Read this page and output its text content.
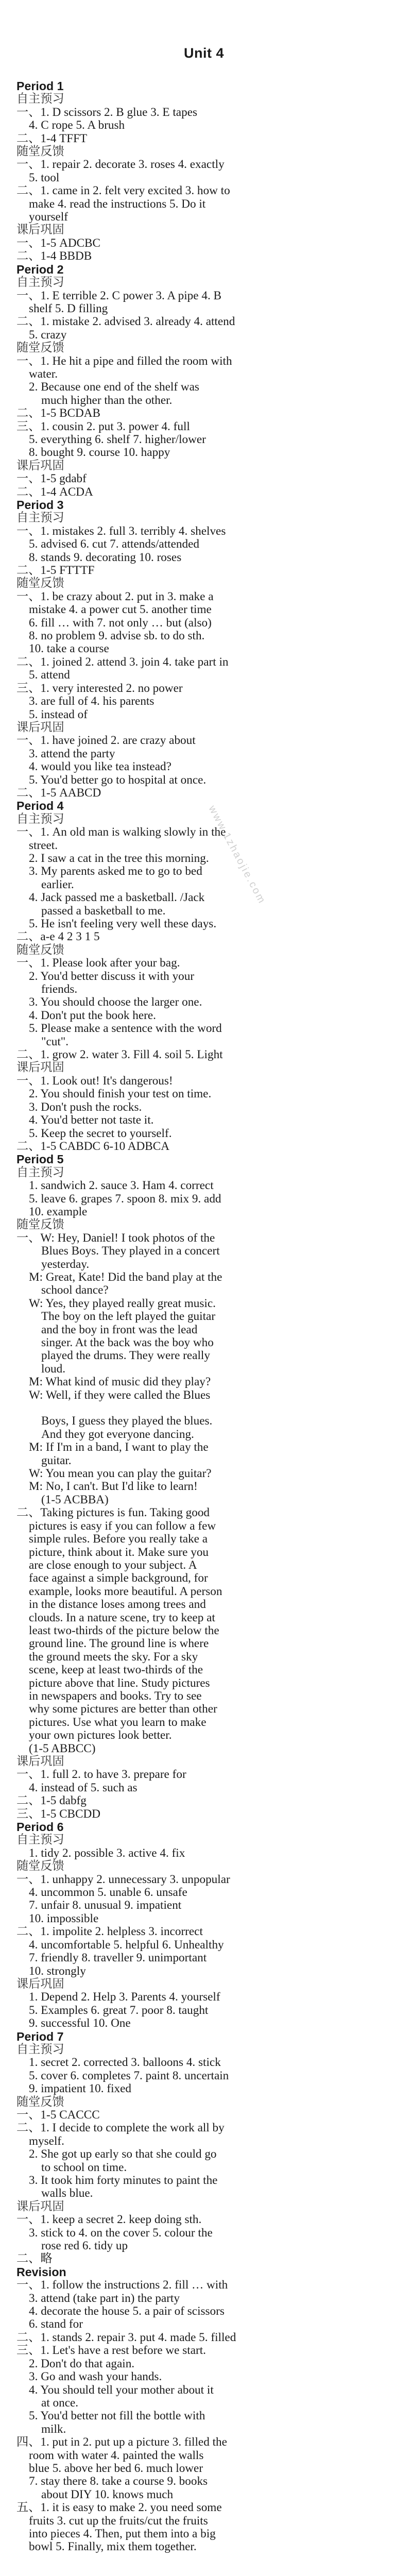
Unit 4
Period 1
自主预习
一、1. D scissors 2. B glue 3. E tapes
4. C rope 5. A brush
二、1-4 TFFT
随堂反馈
一、1. repair 2. decorate 3. roses 4. exactly
5. tool
二、1. came in 2. felt very excited 3. how to
make 4. read the instructions 5. Do it
yourself
课后巩固
一、1-5 ADCBC
二、1-4 BBDB
Period 2
自主预习
一、1. E terrible 2. C power 3. A pipe 4. B
shelf 5. D filling
二、1. mistake 2. advised 3. already 4. attend
5. crazy
随堂反馈
一、1. He hit a pipe and filled the room with
water.
2. Because one end of the shelf was
much higher than the other.
二、1-5 BCDAB
三、1. cousin 2. put 3. power 4. full
5. everything 6. shelf 7. higher/lower
8. bought 9. course 10. happy
课后巩固
一、1-5 gdabf
二、1-4 ACDA
Period 3
自主预习
一、1. mistakes 2. full 3. terribly 4. shelves
5. advised 6. cut 7. attends/attended
8. stands 9. decorating 10. roses
二、1-5 FTTTF
随堂反馈
一、1. be crazy about 2. put in 3. make a
mistake 4. a power cut 5. another time
6. fill … with 7. not only … but (also)
8. no problem 9. advise sb. to do sth.
10. take a course
二、1. joined 2. attend 3. join 4. take part in
5. attend
三、1. very interested 2. no power
3. are full of 4. his parents
5. instead of
课后巩固
一、1. have joined 2. are crazy about
3. attend the party
4. would you like tea instead?
5. You'd better go to hospital at once.
二、1-5 AABCD
Period 4
自主预习
一、1. An old man is walking slowly in the
street.
2. I saw a cat in the tree this morning.
3. My parents asked me to go to bed
earlier.
4. Jack passed me a basketball. /Jack
passed a basketball to me.
5. He isn't feeling very well these days.
二、a-e 4 2 3 1 5
随堂反馈
一、1. Please look after your bag.
2. You'd better discuss it with your
friends.
3. You should choose the larger one.
4. Don't put the book here.
5. Please make a sentence with the word
"cut".
二、1. grow 2. water 3. Fill 4. soil 5. Light
课后巩固
一、1. Look out! It's dangerous!
2. You should finish your test on time.
3. Don't push the rocks.
4. You'd better not taste it.
5. Keep the secret to yourself.
二、1-5 CABDC 6-10 ADBCA
Period 5
自主预习
1. sandwich 2. sauce 3. Ham 4. correct
5. leave 6. grapes 7. spoon 8. mix 9. add
10. example
随堂反馈
一、W: Hey, Daniel! I took photos of the
Blues Boys. They played in a concert
yesterday.
M: Great, Kate! Did the band play at the
school dance?
W: Yes, they played really great music.
The boy on the left played the guitar
and the boy in front was the lead
singer. At the back was the boy who
played the drums. They were really
loud.
M: What kind of music did they play?
W: Well, if they were called the Blues

Boys, I guess they played the blues.
And they got everyone dancing.
M: If I'm in a band, I want to play the
guitar.
W: You mean you can play the guitar?
M: No, I can't. But I'd like to learn!
(1-5 ACBBA)
二、Taking pictures is fun. Taking good
pictures is easy if you can follow a few
simple rules. Before you really take a
picture, think about it. Make sure you
are close enough to your subject. A
face against a simple background, for
example, looks more beautiful. A person
in the distance loses among trees and
clouds. In a nature scene, try to keep at
least two-thirds of the picture below the
ground line. The ground line is where
the ground meets the sky. For a sky
scene, keep at least two-thirds of the
picture above that line. Study pictures
in newspapers and books. Try to see
why some pictures are better than other
pictures. Use what you learn to make
your own pictures look better.
(1-5 ABBCC)
课后巩固
一、1. full 2. to have 3. prepare for
4. instead of 5. such as
二、1-5 dabfg
三、1-5 CBCDD
Period 6
自主预习
1. tidy 2. possible 3. active 4. fix
随堂反馈
一、1. unhappy 2. unnecessary 3. unpopular
4. uncommon 5. unable 6. unsafe
7. unfair 8. unusual 9. impatient
10. impossible
二、1. impolite 2. helpless 3. incorrect
4. uncomfortable 5. helpful 6. Unhealthy
7. friendly 8. traveller 9. unimportant
10. strongly
课后巩固
1. Depend 2. Help 3. Parents 4. yourself
5. Examples 6. great 7. poor 8. taught
9. successful 10. One
Period 7
自主预习
1. secret 2. corrected 3. balloons 4. stick
5. cover 6. completes 7. paint 8. uncertain
9. impatient 10. fixed
随堂反馈
一、1-5 CACCC
二、1. I decide to complete the work all by
myself.
2. She got up early so that she could go
to school on time.
3. It took him forty minutes to paint the
walls blue.
课后巩固
一、1. keep a secret 2. keep doing sth.
3. stick to 4. on the cover 5. colour the
rose red 6. tidy up
二、略
Revision
一、1. follow the instructions 2. fill … with
3. attend (take part in) the party
4. decorate the house 5. a pair of scissors
6. stand for
二、1. stands 2. repair 3. put 4. made 5. filled
三、1. Let's have a rest before we start.
2. Don't do that again.
3. Go and wash your hands.
4. You should tell your mother about it
at once.
5. You'd better not fill the bottle with
milk.
四、1. put in 2. put up a picture 3. filled the
room with water 4. painted the walls
blue 5. above her bed 6. much lower
7. stay there 8. take a course 9. books
about DIY 10. knows much
五、1. it is easy to make 2. you need some
fruits 3. cut up the fruits/cut the fruits
into pieces 4. Then, put them into a big
bowl 5. Finally, mix them together.
www.1zhaojie.com
